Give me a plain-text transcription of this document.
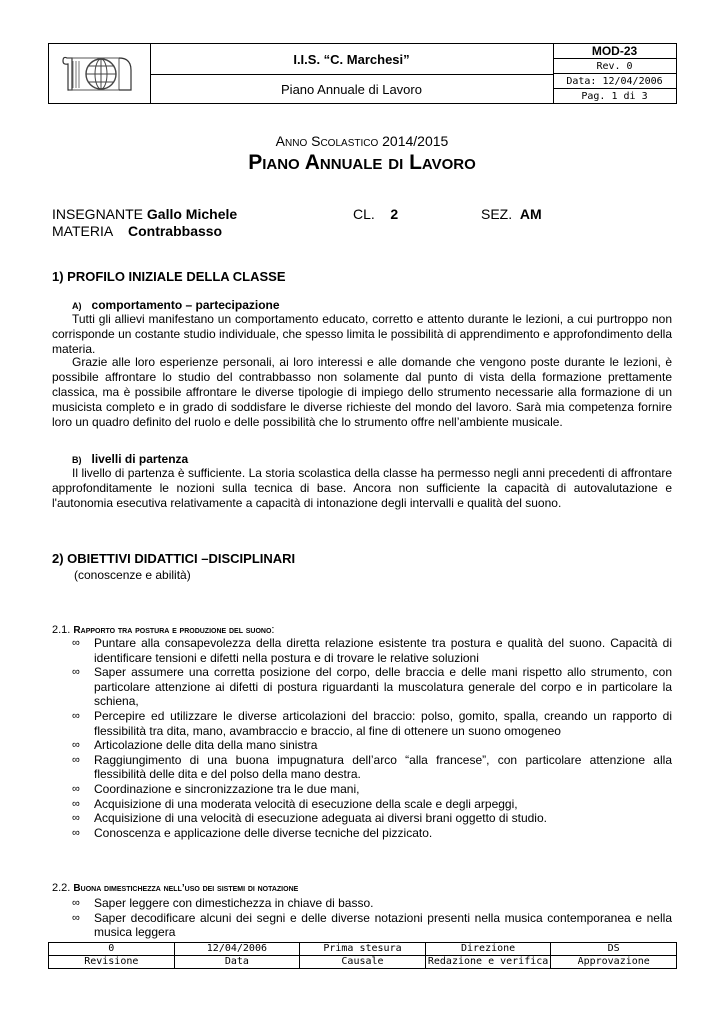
I.I.S. “C. Marchesi”
Piano Annuale di Lavoro
MOD-23
Rev. 0
Data: 12/04/2006
Pag. 1 di 3
Anno Scolastico 2014/2015
Piano Annuale di Lavoro
INSEGNANTE Gallo Michele	CL. 2	SEZ. AM
MATERIA Contrabbasso
1) PROFILO INIZIALE DELLA CLASSE
A) comportamento – partecipazione
Tutti gli allievi manifestano un comportamento educato, corretto e attento durante le lezioni, a cui purtroppo non corrisponde un costante studio individuale, che spesso limita le possibilità di apprendimento e approfondimento della materia.
Grazie alle loro esperienze personali, ai loro interessi e alle domande che vengono poste durante le lezioni, è possibile affrontare lo studio del contrabbasso non solamente dal punto di vista della formazione prettamente classica, ma è possibile affrontare le diverse tipologie di impiego dello strumento necessarie alla formazione di un musicista completo e in grado di soddisfare le diverse richieste del mondo del lavoro. Sarà mia competenza fornire loro un quadro definito del ruolo e delle possibilità che lo strumento offre nell’ambiente musicale.
B) livelli di partenza
Il livello di partenza è sufficiente. La storia scolastica della classe ha permesso negli anni precedenti di affrontare approfonditamente le nozioni sulla tecnica di base. Ancora non sufficiente la capacità di autovalutazione e l'autonomia esecutiva relativamente a capacità di intonazione degli intervalli e qualità del suono.
2) OBIETTIVI DIDATTICI –DISCIPLINARI
(conoscenze e abilità)
2.1. Rapporto tra postura e produzione del suono:
∞ Puntare alla consapevolezza della diretta relazione esistente tra postura e qualità del suono. Capacità di identificare tensioni e difetti nella postura e di trovare le relative soluzioni
∞ Saper assumere una corretta posizione del corpo, delle braccia e delle mani rispetto allo strumento, con particolare attenzione ai difetti di postura riguardanti la muscolatura generale del corpo e in particolare la schiena,
∞ Percepire ed utilizzare le diverse articolazioni del braccio: polso, gomito, spalla, creando un rapporto di flessibilità tra dita, mano, avambraccio e braccio, al fine di ottenere un suono omogeneo
∞ Articolazione delle dita della mano sinistra
∞ Raggiungimento di una buona impugnatura dell’arco “alla francese”, con particolare attenzione alla flessibilità delle dita e del polso della mano destra.
∞ Coordinazione e sincronizzazione tra le due mani,
∞ Acquisizione di una moderata velocità di esecuzione della scale e degli arpeggi,
∞ Acquisizione di una velocità di esecuzione adeguata ai diversi brani oggetto di studio.
∞ Conoscenza e applicazione delle diverse tecniche del pizzicato.
2.2. Buona dimestichezza nell’uso dei sistemi di notazione
∞ Saper leggere con dimestichezza in chiave di basso.
∞ Saper decodificare alcuni dei segni e delle diverse notazioni presenti nella musica contemporanea e nella musica leggera
0	12/04/2006	Prima stesura	Direzione	DS
Revisione	Data	Causale	Redazione e verifica	Approvazione
